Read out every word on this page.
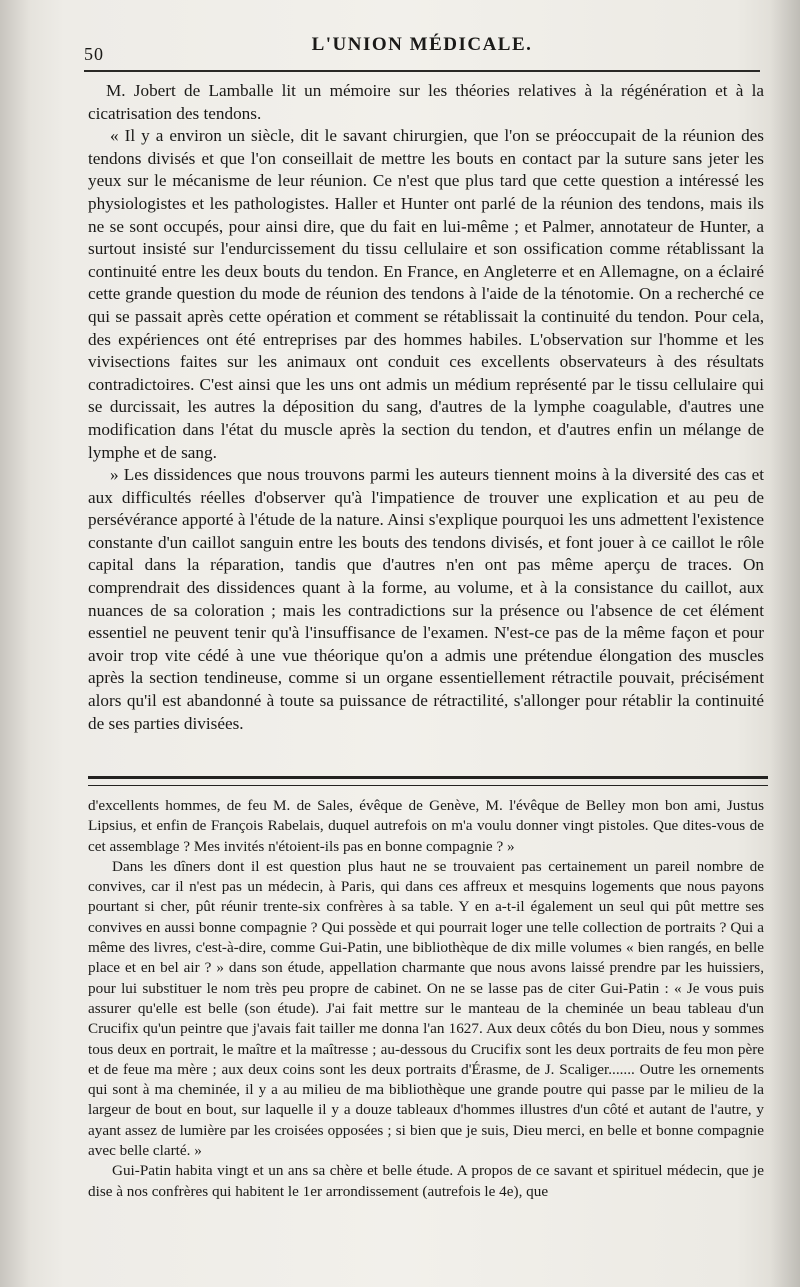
50	L'UNION MÉDICALE.

M. Jobert de Lamballe lit un mémoire sur les théories relatives à la régénération et à la cicatrisation des tendons.

« Il y a environ un siècle, dit le savant chirurgien, que l'on se préoccupait de la réunion des tendons divisés et que l'on conseillait de mettre les bouts en contact par la suture sans jeter les yeux sur le mécanisme de leur réunion. Ce n'est que plus tard que cette question a intéressé les physiologistes et les pathologistes. Haller et Hunter ont parlé de la réunion des tendons, mais ils ne se sont occupés, pour ainsi dire, que du fait en lui-même ; et Palmer, annotateur de Hunter, a surtout insisté sur l'endurcissement du tissu cellulaire et son ossification comme rétablissant la continuité entre les deux bouts du tendon. En France, en Angleterre et en Allemagne, on a éclairé cette grande question du mode de réunion des tendons à l'aide de la ténotomie. On a recherché ce qui se passait après cette opération et comment se rétablissait la continuité du tendon. Pour cela, des expériences ont été entreprises par des hommes habiles. L'observation sur l'homme et les vivisections faites sur les animaux ont conduit ces excellents observateurs à des résultats contradictoires. C'est ainsi que les uns ont admis un médium représenté par le tissu cellulaire qui se durcissait, les autres la déposition du sang, d'autres de la lymphe coagulable, d'autres une modification dans l'état du muscle après la section du tendon, et d'autres enfin un mélange de lymphe et de sang.

» Les dissidences que nous trouvons parmi les auteurs tiennent moins à la diversité des cas et aux difficultés réelles d'observer qu'à l'impatience de trouver une explication et au peu de persévérance apporté à l'étude de la nature. Ainsi s'explique pourquoi les uns admettent l'existence constante d'un caillot sanguin entre les bouts des tendons divisés, et font jouer à ce caillot le rôle capital dans la réparation, tandis que d'autres n'en ont pas même aperçu de traces. On comprendrait des dissidences quant à la forme, au volume, et à la consistance du caillot, aux nuances de sa coloration ; mais les contradictions sur la présence ou l'absence de cet élément essentiel ne peuvent tenir qu'à l'insuffisance de l'examen. N'est-ce pas de la même façon et pour avoir trop vite cédé à une vue théorique qu'on a admis une prétendue élongation des muscles après la section tendineuse, comme si un organe essentiellement rétractile pouvait, précisément alors qu'il est abandonné à toute sa puissance de rétractilité, s'allonger pour rétablir la continuité de ses parties divisées.

d'excellents hommes, de feu M. de Sales, évêque de Genève, M. l'évêque de Belley mon bon ami, Justus Lipsius, et enfin de François Rabelais, duquel autrefois on m'a voulu donner vingt pistoles. Que dites-vous de cet assemblage ? Mes invités n'étoient-ils pas en bonne compagnie ? »

Dans les dîners dont il est question plus haut ne se trouvaient pas certainement un pareil nombre de convives, car il n'est pas un médecin, à Paris, qui dans ces affreux et mesquins logements que nous payons pourtant si cher, pût réunir trente-six confrères à sa table. Y en a-t-il également un seul qui pût mettre ses convives en aussi bonne compagnie ? Qui possède et qui pourrait loger une telle collection de portraits ? Qui a même des livres, c'est-à-dire, comme Gui-Patin, une bibliothèque de dix mille volumes « bien rangés, en belle place et en bel air ? » dans son étude, appellation charmante que nous avons laissé prendre par les huissiers, pour lui substituer le nom très peu propre de cabinet. On ne se lasse pas de citer Gui-Patin : « Je vous puis assurer qu'elle est belle (son étude). J'ai fait mettre sur le manteau de la cheminée un beau tableau d'un Crucifix qu'un peintre que j'avais fait tailler me donna l'an 1627. Aux deux côtés du bon Dieu, nous y sommes tous deux en portrait, le maître et la maîtresse ; au-dessous du Crucifix sont les deux portraits de feu mon père et de feue ma mère ; aux deux coins sont les deux portraits d'Érasme, de J. Scaliger....... Outre les ornements qui sont à ma cheminée, il y a au milieu de ma bibliothèque une grande poutre qui passe par le milieu de la largeur de bout en bout, sur laquelle il y a douze tableaux d'hommes illustres d'un côté et autant de l'autre, y ayant assez de lumière par les croisées opposées ; si bien que je suis, Dieu merci, en belle et bonne compagnie avec belle clarté. »

Gui-Patin habita vingt et un ans sa chère et belle étude. A propos de ce savant et spirituel médecin, que je dise à nos confrères qui habitent le 1er arrondissement (autrefois le 4e), que
